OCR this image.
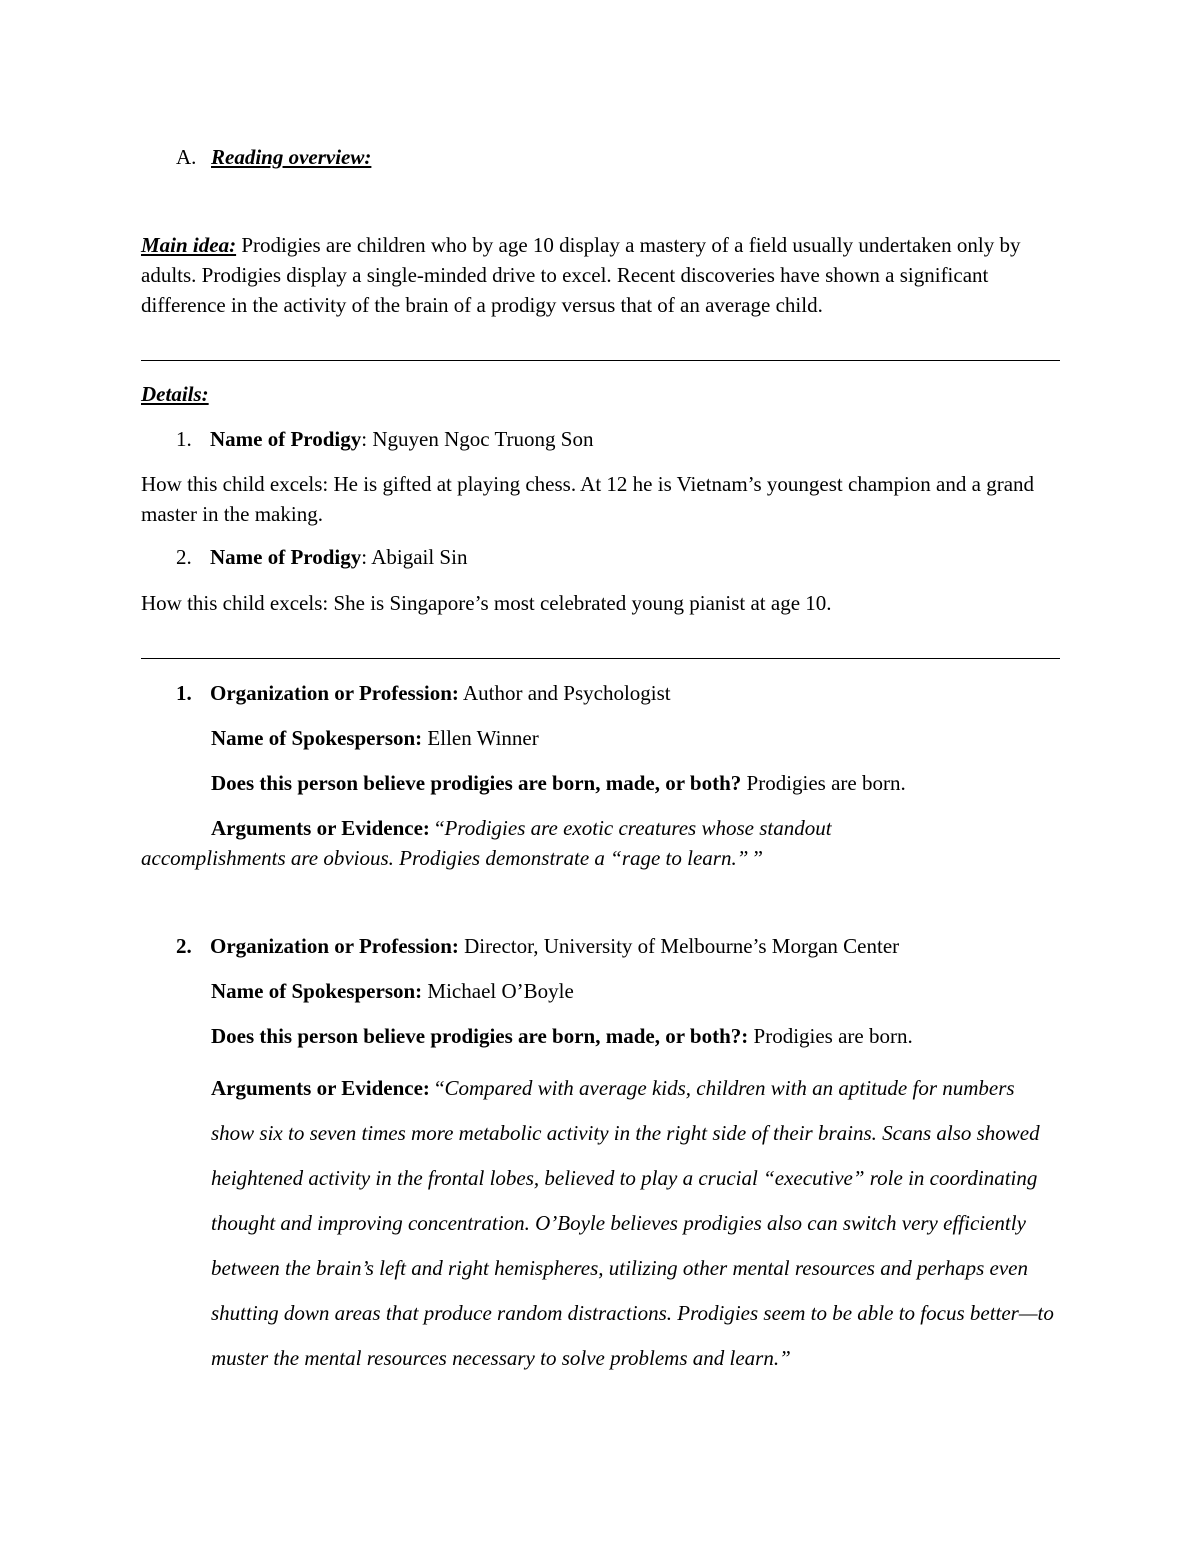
A. Reading overview:
Main idea: Prodigies are children who by age 10 display a mastery of a field usually undertaken only by adults. Prodigies display a single-minded drive to excel. Recent discoveries have shown a significant difference in the activity of the brain of a prodigy versus that of an average child.
Details:
1. Name of Prodigy: Nguyen Ngoc Truong Son
How this child excels: He is gifted at playing chess. At 12 he is Vietnam’s youngest champion and a grand master in the making.
2. Name of Prodigy: Abigail Sin
How this child excels: She is Singapore’s most celebrated young pianist at age 10.
1. Organization or Profession: Author and Psychologist
Name of Spokesperson: Ellen Winner
Does this person believe prodigies are born, made, or both? Prodigies are born.
Arguments or Evidence: “Prodigies are exotic creatures whose standout accomplishments are obvious. Prodigies demonstrate a “rage to learn.” ”
2. Organization or Profession: Director, University of Melbourne’s Morgan Center
Name of Spokesperson: Michael O’Boyle
Does this person believe prodigies are born, made, or both?: Prodigies are born.
Arguments or Evidence: “Compared with average kids, children with an aptitude for numbers show six to seven times more metabolic activity in the right side of their brains. Scans also showed heightened activity in the frontal lobes, believed to play a crucial “executive” role in coordinating thought and improving concentration. O’Boyle believes prodigies also can switch very efficiently between the brain’s left and right hemispheres, utilizing other mental resources and perhaps even shutting down areas that produce random distractions. Prodigies seem to be able to focus better—to muster the mental resources necessary to solve problems and learn.”
